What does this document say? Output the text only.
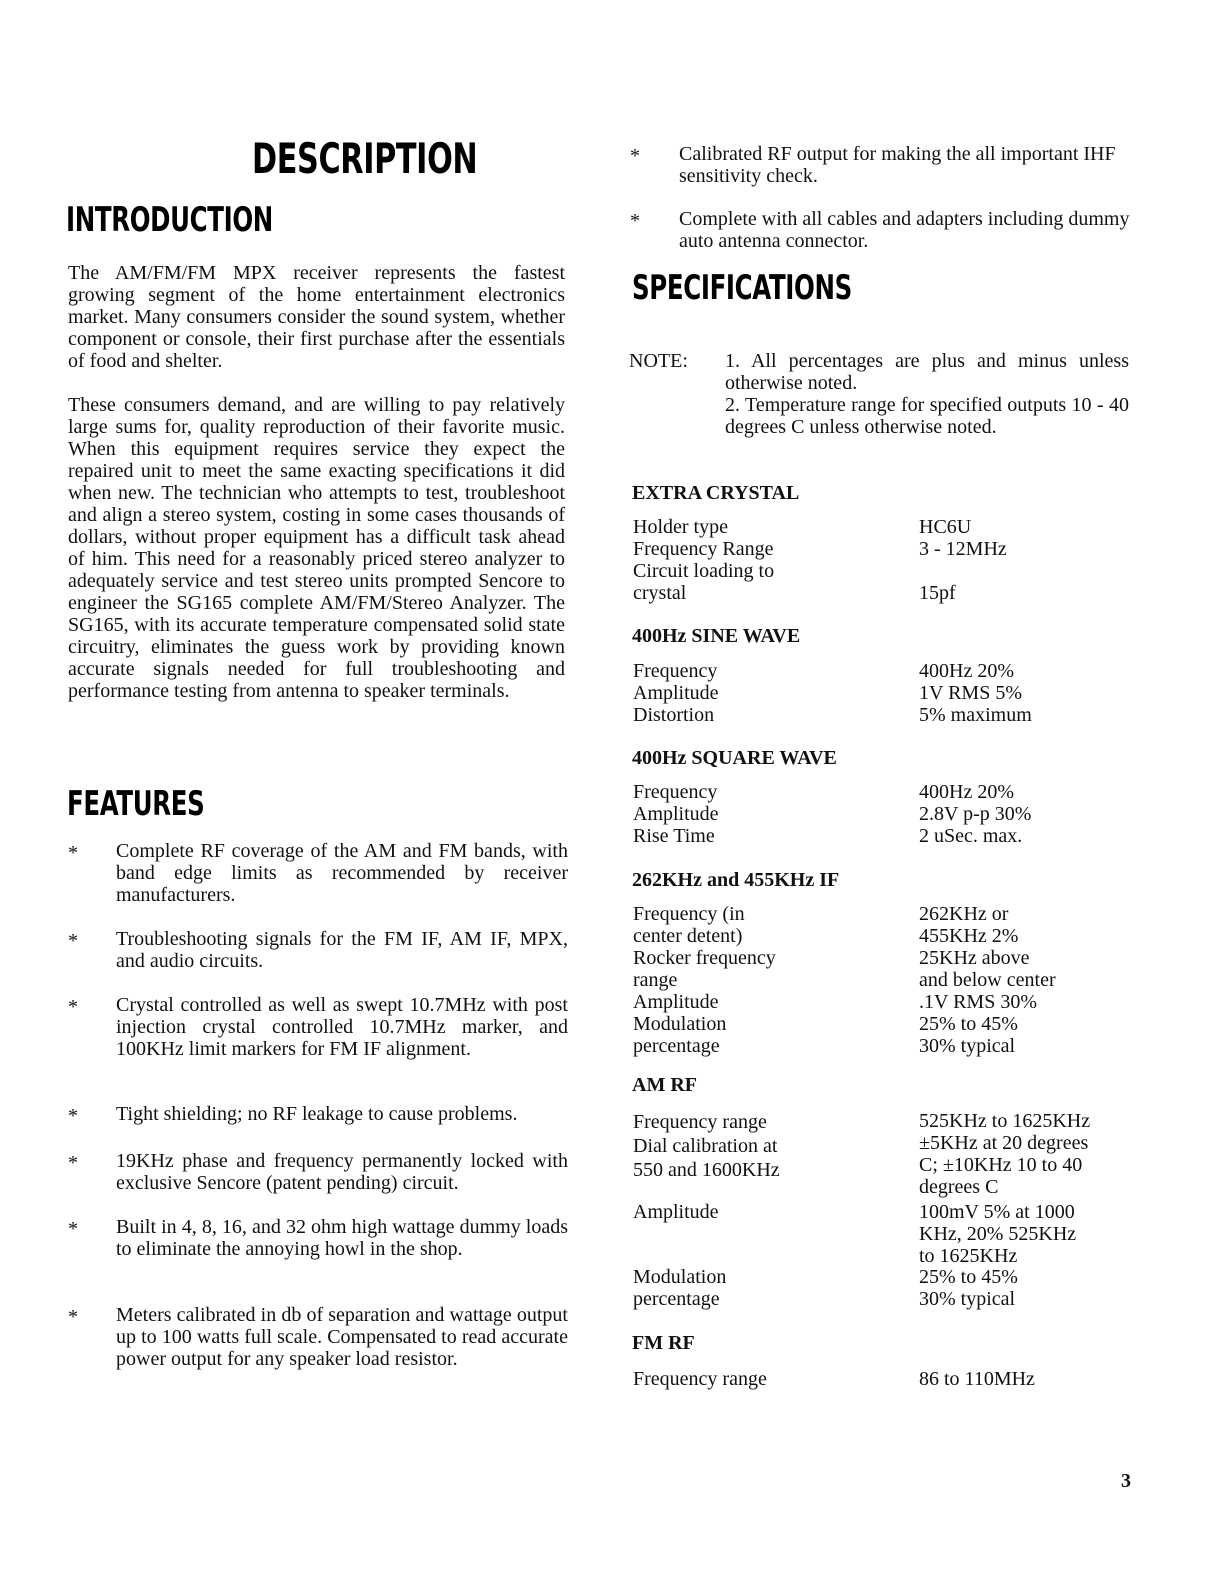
DESCRIPTION
INTRODUCTION
FEATURES
SPECIFICATIONS

The AM/FM/FM MPX receiver represents the fastest growing segment of the home entertainment electronics market. Many consumers consider the sound system, whether component or console, their first purchase after the essentials of food and shelter.

These consumers demand, and are willing to pay relatively large sums for, quality reproduction of their favorite music. When this equipment requires service they expect the repaired unit to meet the same exacting specifications it did when new. The technician who attempts to test, troubleshoot and align a stereo system, costing in some cases thousands of dollars, without proper equipment has a difficult task ahead of him. This need for a reasonably priced stereo analyzer to adequately service and test stereo units prompted Sencore to engineer the SG165 complete AM/FM/Stereo Analyzer. The SG165, with its accurate temperature compensated solid state circuitry, eliminates the guess work by providing known accurate signals needed for full troubleshooting and performance testing from antenna to speaker terminals.

* Complete RF coverage of the AM and FM bands, with band edge limits as recommended by receiver manufacturers.
* Troubleshooting signals for the FM IF, AM IF, MPX, and audio circuits.
* Crystal controlled as well as swept 10.7MHz with post injection crystal controlled 10.7MHz marker, and 100KHz limit markers for FM IF alignment.
* Tight shielding; no RF leakage to cause problems.
* 19KHz phase and frequency permanently locked with exclusive Sencore (patent pending) circuit.
* Built in 4, 8, 16, and 32 ohm high wattage dummy loads to eliminate the annoying howl in the shop.
* Meters calibrated in db of separation and wattage output up to 100 watts full scale. Compensated to read accurate power output for any speaker load resistor.
* Calibrated RF output for making the all important IHF sensitivity check.
* Complete with all cables and adapters including dummy auto antenna connector.
NOTE: 1. All percentages are plus and minus unless otherwise noted.
2. Temperature range for specified outputs 10 - 40 degrees C unless otherwise noted.
EXTRA CRYSTAL
Holder type
Frequency Range
Circuit loading to
crystal
HC6U
3 - 12MHz

15pf
400Hz SINE WAVE
Frequency
Amplitude
Distortion
400Hz 20%
1V RMS 5%
5% maximum
400Hz SQUARE WAVE
Frequency
Amplitude
Rise Time
400Hz 20%
2.8V p-p 30%
2 uSec. max.
262KHz and 455KHz IF
Frequency (in
center detent)
Rocker frequency
range
Amplitude
Modulation
percentage
262KHz or
455KHz 2%
25KHz above
and below center
.1V RMS 30%
25% to 45%
30% typical
AM RF
Frequency range
Dial calibration at
550 and 1600KHz
525KHz to 1625KHz
±5KHz at 20 degrees
C; ±10KHz 10 to 40
degrees C
Amplitude	100mV 5% at 1000
KHz, 20% 525KHz
to 1625KHz
Modulation
percentage
25% to 45%
30% typical
FM RF
Frequency range	86 to 110MHz
3
